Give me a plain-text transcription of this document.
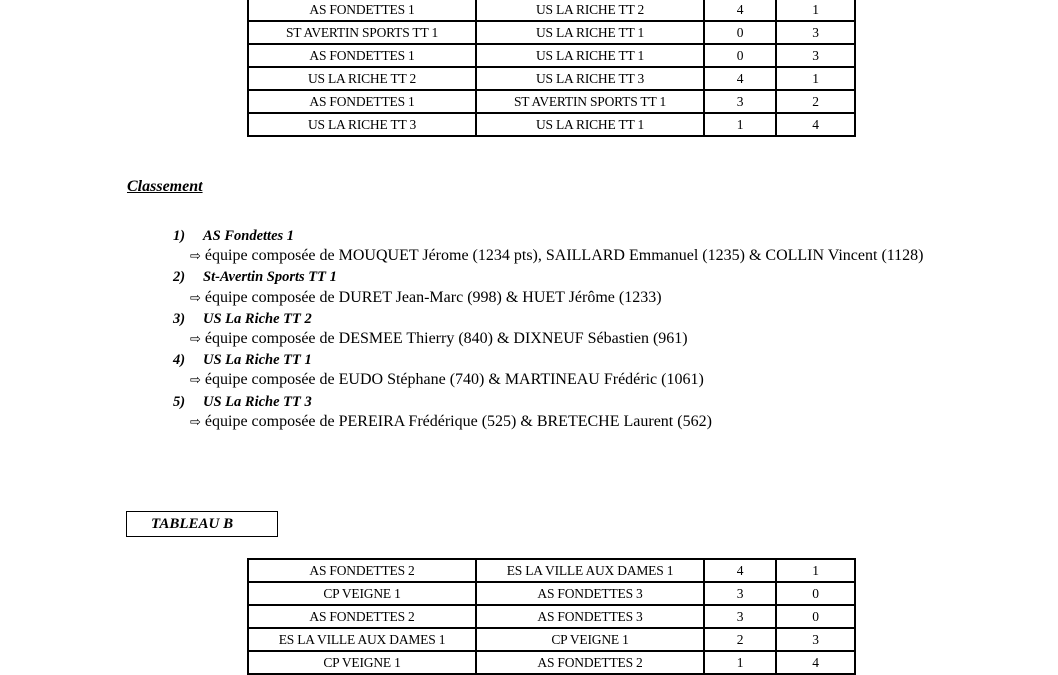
AS FONDETTES 1	US LA RICHE TT 2	4	1
ST AVERTIN SPORTS TT 1	US LA RICHE TT 1	0	3
AS FONDETTES 1	US LA RICHE TT 1	0	3
US LA RICHE TT 2	US LA RICHE TT 3	4	1
AS FONDETTES 1	ST AVERTIN SPORTS TT 1	3	2
US LA RICHE TT 3	US LA RICHE TT 1	1	4
Classement
1) AS Fondettes 1
⇨ équipe composée de MOUQUET Jérome (1234 pts), SAILLARD Emmanuel (1235) & COLLIN Vincent (1128)
2) St-Avertin Sports TT 1
⇨ équipe composée de DURET Jean-Marc (998) & HUET Jérôme (1233)
3) US La Riche TT 2
⇨ équipe composée de DESMEE Thierry (840) & DIXNEUF Sébastien (961)
4) US La Riche TT 1
⇨ équipe composée de EUDO Stéphane (740) & MARTINEAU Frédéric (1061)
5) US La Riche TT 3
⇨ équipe composée de PEREIRA Frédérique (525) & BRETECHE Laurent (562)
TABLEAU B
AS FONDETTES 2	ES LA VILLE AUX DAMES 1	4	1
CP VEIGNE 1	AS FONDETTES 3	3	0
AS FONDETTES 2	AS FONDETTES 3	3	0
ES LA VILLE AUX DAMES 1	CP VEIGNE 1	2	3
CP VEIGNE 1	AS FONDETTES 2	1	4
